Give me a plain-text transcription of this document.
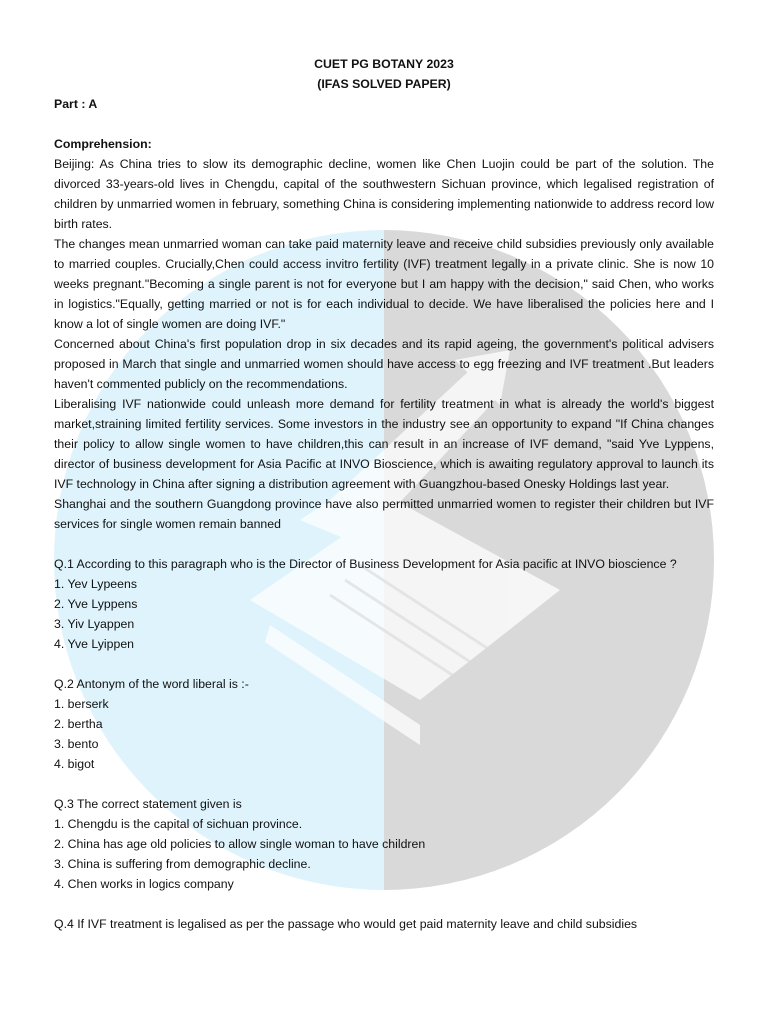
CUET PG BOTANY 2023

(IFAS SOLVED PAPER)

Part : A

Comprehension:

Beijing: As China tries to slow its demographic decline, women like Chen Luojin could be part of the solution. The divorced 33-years-old lives in Chengdu, capital of the southwestern Sichuan province, which legalised registration of children by unmarried women in february, something China is considering implementing nationwide to address record low birth rates.

The changes mean unmarried woman can take paid maternity leave and receive child subsidies previously only available to married couples. Crucially,Chen could access invitro fertility (IVF) treatment legally in a private clinic. She is now 10 weeks pregnant."Becoming a single parent is not for everyone but I am happy with the decision," said Chen, who works in logistics."Equally, getting married or not is for each individual to decide. We have liberalised the policies here and I know a lot of single women are doing IVF."

Concerned about China's first population drop in six decades and its rapid ageing, the government's political advisers proposed in March that single and unmarried women should have access to egg freezing and IVF treatment .But leaders haven't commented publicly on the recommendations.

Liberalising IVF nationwide could unleash more demand for fertility treatment in what is already the world's biggest market,straining limited fertility services. Some investors in the industry see an opportunity to expand "If China changes their policy to allow single women to have children,this can result in an increase of IVF demand, "said Yve Lyppens, director of business development for Asia Pacific at INVO Bioscience, which is awaiting regulatory approval to launch its IVF technology in China after signing a distribution agreement with Guangzhou-based Onesky Holdings last year.

Shanghai and the southern Guangdong province have also permitted unmarried women to register their children but IVF services for single women remain banned

Q.1 According to this paragraph who is the Director of Business Development for Asia pacific at INVO bioscience ?

1. Yev Lypeens

2. Yve Lyppens

3. Yiv Lyappen

4. Yve Lyippen

Q.2 Antonym of the word liberal is :-

1. berserk

2. bertha

3. bento

4. bigot

Q.3 The correct statement given is

1. Chengdu is the capital of sichuan province.

2. China has age old policies to allow single woman to have children

3. China is suffering from demographic decline.

4. Chen works in logics company

Q.4 If IVF treatment is legalised as per the passage who would get paid maternity leave and child subsidies
